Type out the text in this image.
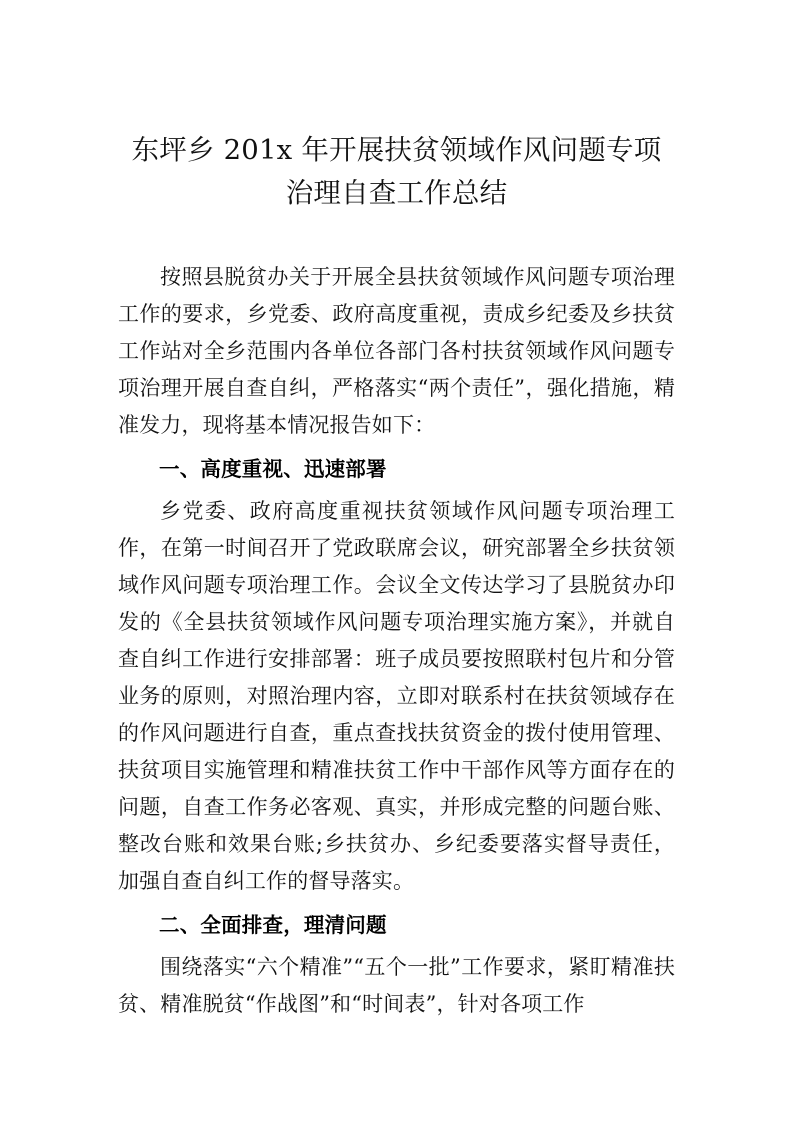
东坪乡 201x 年开展扶贫领域作风问题专项
治理自查工作总结

按照县脱贫办关于开展全县扶贫领域作风问题专项治理工作的要求，乡党委、政府高度重视，责成乡纪委及乡扶贫工作站对全乡范围内各单位各部门各村扶贫领域作风问题专项治理开展自查自纠，严格落实“两个责任”，强化措施，精准发力，现将基本情况报告如下：

一、高度重视、迅速部署

乡党委、政府高度重视扶贫领域作风问题专项治理工作，在第一时间召开了党政联席会议，研究部署全乡扶贫领域作风问题专项治理工作。会议全文传达学习了县脱贫办印发的《全县扶贫领域作风问题专项治理实施方案》，并就自查自纠工作进行安排部署：班子成员要按照联村包片和分管业务的原则，对照治理内容，立即对联系村在扶贫领域存在的作风问题进行自查，重点查找扶贫资金的拨付使用管理、扶贫项目实施管理和精准扶贫工作中干部作风等方面存在的问题，自查工作务必客观、真实，并形成完整的问题台账、整改台账和效果台账;乡扶贫办、乡纪委要落实督导责任，加强自查自纠工作的督导落实。

二、全面排查，理清问题

围绕落实“六个精准”“五个一批”工作要求，紧盯精准扶贫、精准脱贫“作战图”和“时间表”，针对各项工作
